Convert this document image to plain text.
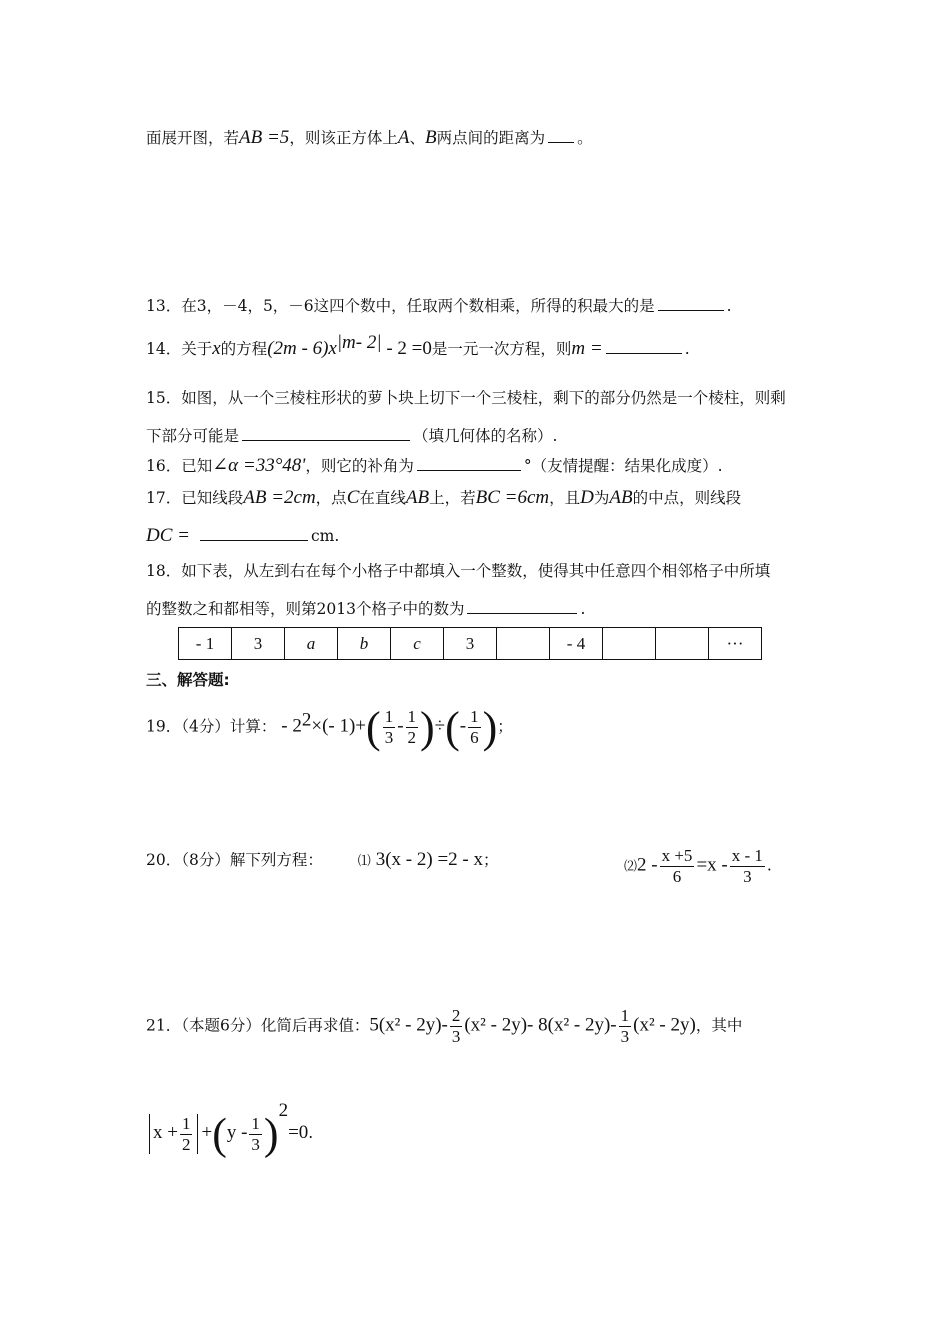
面展开图，若AB =5，则该正方体上A、B两点间的距离为 。
13．在3，－4，5，－6这四个数中，任取两个数相乘，所得的积最大的是	.
14．关于x的方程$(2m - 6)x^{|m- 2|} - 2 =0$是一元一次方程，则m =	.
15．如图，从一个三棱柱形状的萝卜块上切下一个三棱柱，剩下的部分仍然是一个棱柱，则剩
下部分可能是	（填几何体的名称）.
16．已知∠α =33°48'，则它的补角为	°（友情提醒：结果化成度）.
17．已知线段AB =2cm，点C在直线AB上，若BC =6cm，且D为AB的中点，则线段
DC =	cm.
18．如下表，从左到右在每个小格子中都填入一个整数，使得其中任意四个相邻格子中所填
的整数之和都相等，则第2013个格子中的数为	.
- 1	3	a	b	c	3		- 4			···
三、解答题:
19．（4分）计算： - $2^2\times(-$ $1)+( \frac{1}{3} - \frac{1}{2}$ )÷(- $\frac{1}{6}$ )；
20．（8分）解下列方程：	⑴ 3(x - 2) =2 - x；	⑵2 - $\frac{x +5}{6} =x - \frac{x - 1}{3}$ .
21．（本题6分）化简后再求值：$5(x^2 - 2y)- \frac{2}{3} (x^2 - 2y)-$ $8(x^2 - 2y)- \frac{1}{3} (x^2 - 2y)$，其中
$x + \frac{1}{2} +(y - \frac{1}{3} )^2=0$.
